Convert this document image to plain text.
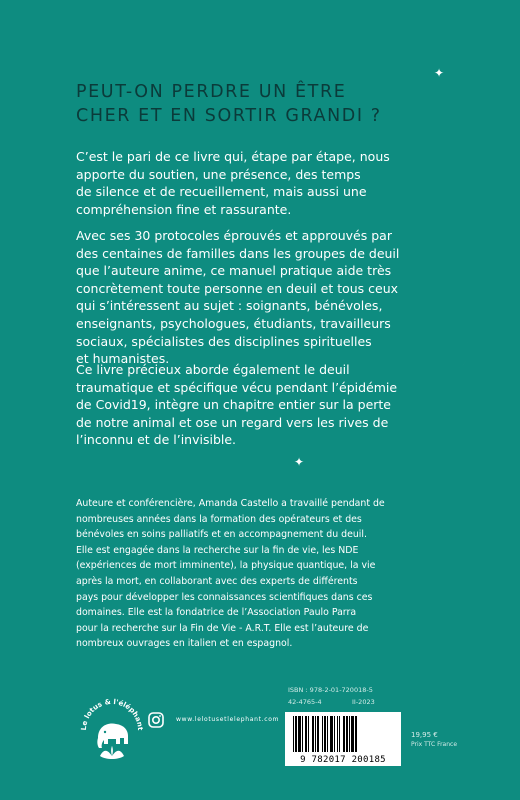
✦
✦
PEUT-ON PERDRE UN ÊTRE
CHER ET EN SORTIR GRANDI ?
C’est le pari de ce livre qui, étape par étape, nous
apporte du soutien, une présence, des temps
de silence et de recueillement, mais aussi une
compréhension fine et rassurante.
Avec ses 30 protocoles éprouvés et approuvés par
des centaines de familles dans les groupes de deuil
que l’auteure anime, ce manuel pratique aide très
concrètement toute personne en deuil et tous ceux
qui s’intéressent au sujet : soignants, bénévoles,
enseignants, psychologues, étudiants, travailleurs
sociaux, spécialistes des disciplines spirituelles
et humanistes.
Ce livre précieux aborde également le deuil
traumatique et spécifique vécu pendant l’épidémie
de Covid19, intègre un chapitre entier sur la perte
de notre animal et ose un regard vers les rives de
l’inconnu et de l’invisible.
Auteure et conférencière, Amanda Castello a travaillé pendant de
nombreuses années dans la formation des opérateurs et des
bénévoles en soins palliatifs et en accompagnement du deuil.
Elle est engagée dans la recherche sur la fin de vie, les NDE
(expériences de mort imminente), la physique quantique, la vie
après la mort, en collaborant avec des experts de différents
pays pour développer les connaissances scientifiques dans ces
domaines. Elle est la fondatrice de l’Association Paulo Parra
pour la recherche sur la Fin de Vie - A.R.T. Elle est l’auteure de
nombreux ouvrages en italien et en espagnol.
Le lotus & l'éléphant
www.lelotusetlelephant.com
ISBN : 978-2-01-720018-5
42-4765-4	II-2023
9 782017 200185
19,95 €
Prix TTC France
